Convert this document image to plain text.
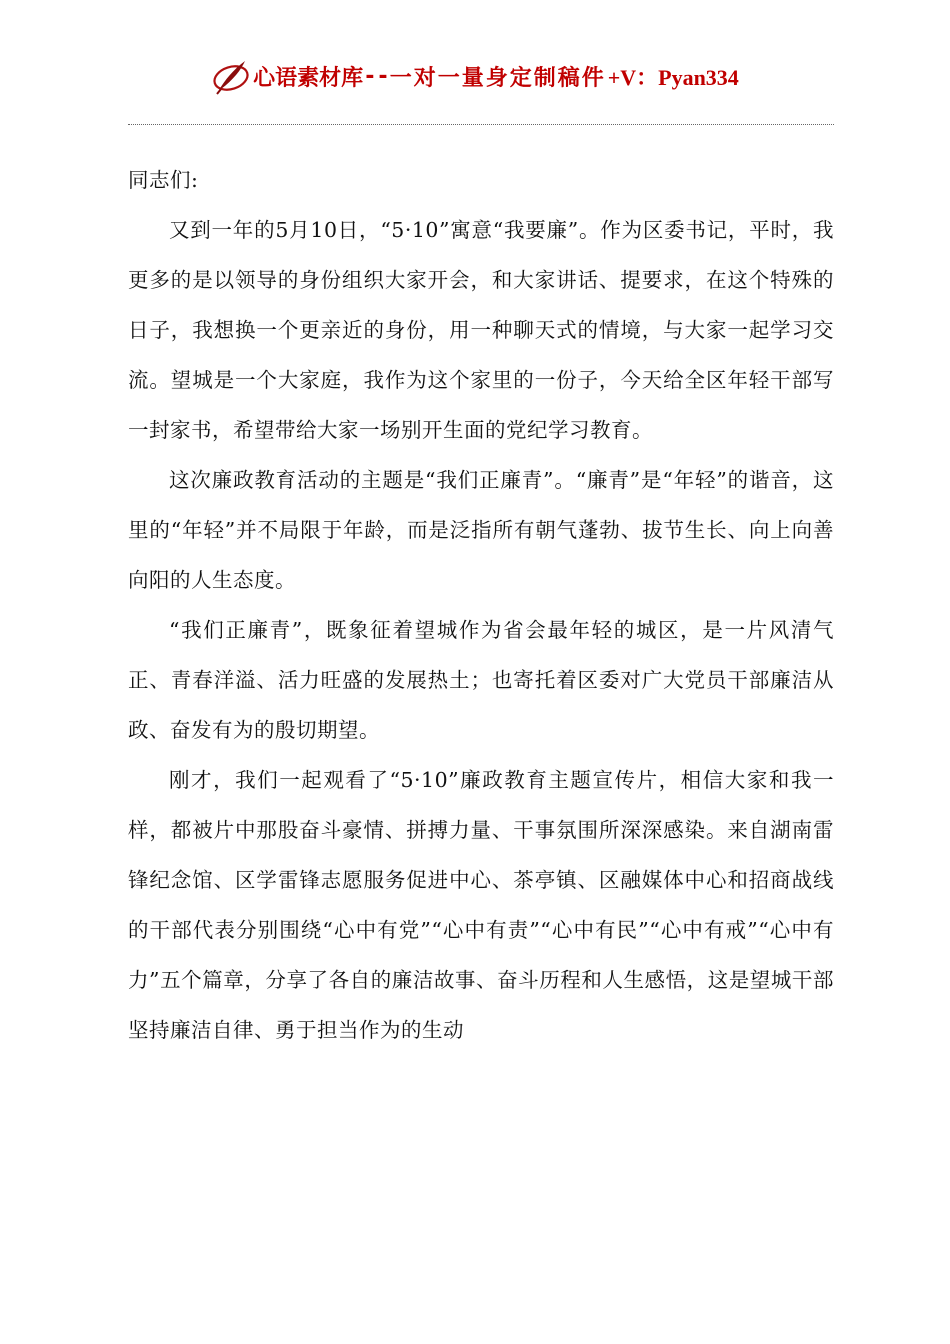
心语素材库 -- 一对一量身定制稿件 +V：Pyan334

同志们:

又到一年的5月10日，“5·10”寓意“我要廉”。作为区委书记，平时，我更多的是以领导的身份组织大家开会，和大家讲话、提要求，在这个特殊的日子，我想换一个更亲近的身份，用一种聊天式的情境，与大家一起学习交流。望城是一个大家庭，我作为这个家里的一份子，今天给全区年轻干部写一封家书，希望带给大家一场别开生面的党纪学习教育。

这次廉政教育活动的主题是“我们正廉青”。“廉青”是“年轻”的谐音，这里的“年轻”并不局限于年龄，而是泛指所有朝气蓬勃、拔节生长、向上向善向阳的人生态度。

“我们正廉青”，既象征着望城作为省会最年轻的城区，是一片风清气正、青春洋溢、活力旺盛的发展热土；也寄托着区委对广大党员干部廉洁从政、奋发有为的殷切期望。

刚才，我们一起观看了“5·10”廉政教育主题宣传片，相信大家和我一样，都被片中那股奋斗豪情、拼搏力量、干事氛围所深深感染。来自湖南雷锋纪念馆、区学雷锋志愿服务促进中心、茶亭镇、区融媒体中心和招商战线的干部代表分别围绕“心中有党”“心中有责”“心中有民”“心中有戒”“心中有力”五个篇章，分享了各自的廉洁故事、奋斗历程和人生感悟，这是望城干部坚持廉洁自律、勇于担当作为的生动
